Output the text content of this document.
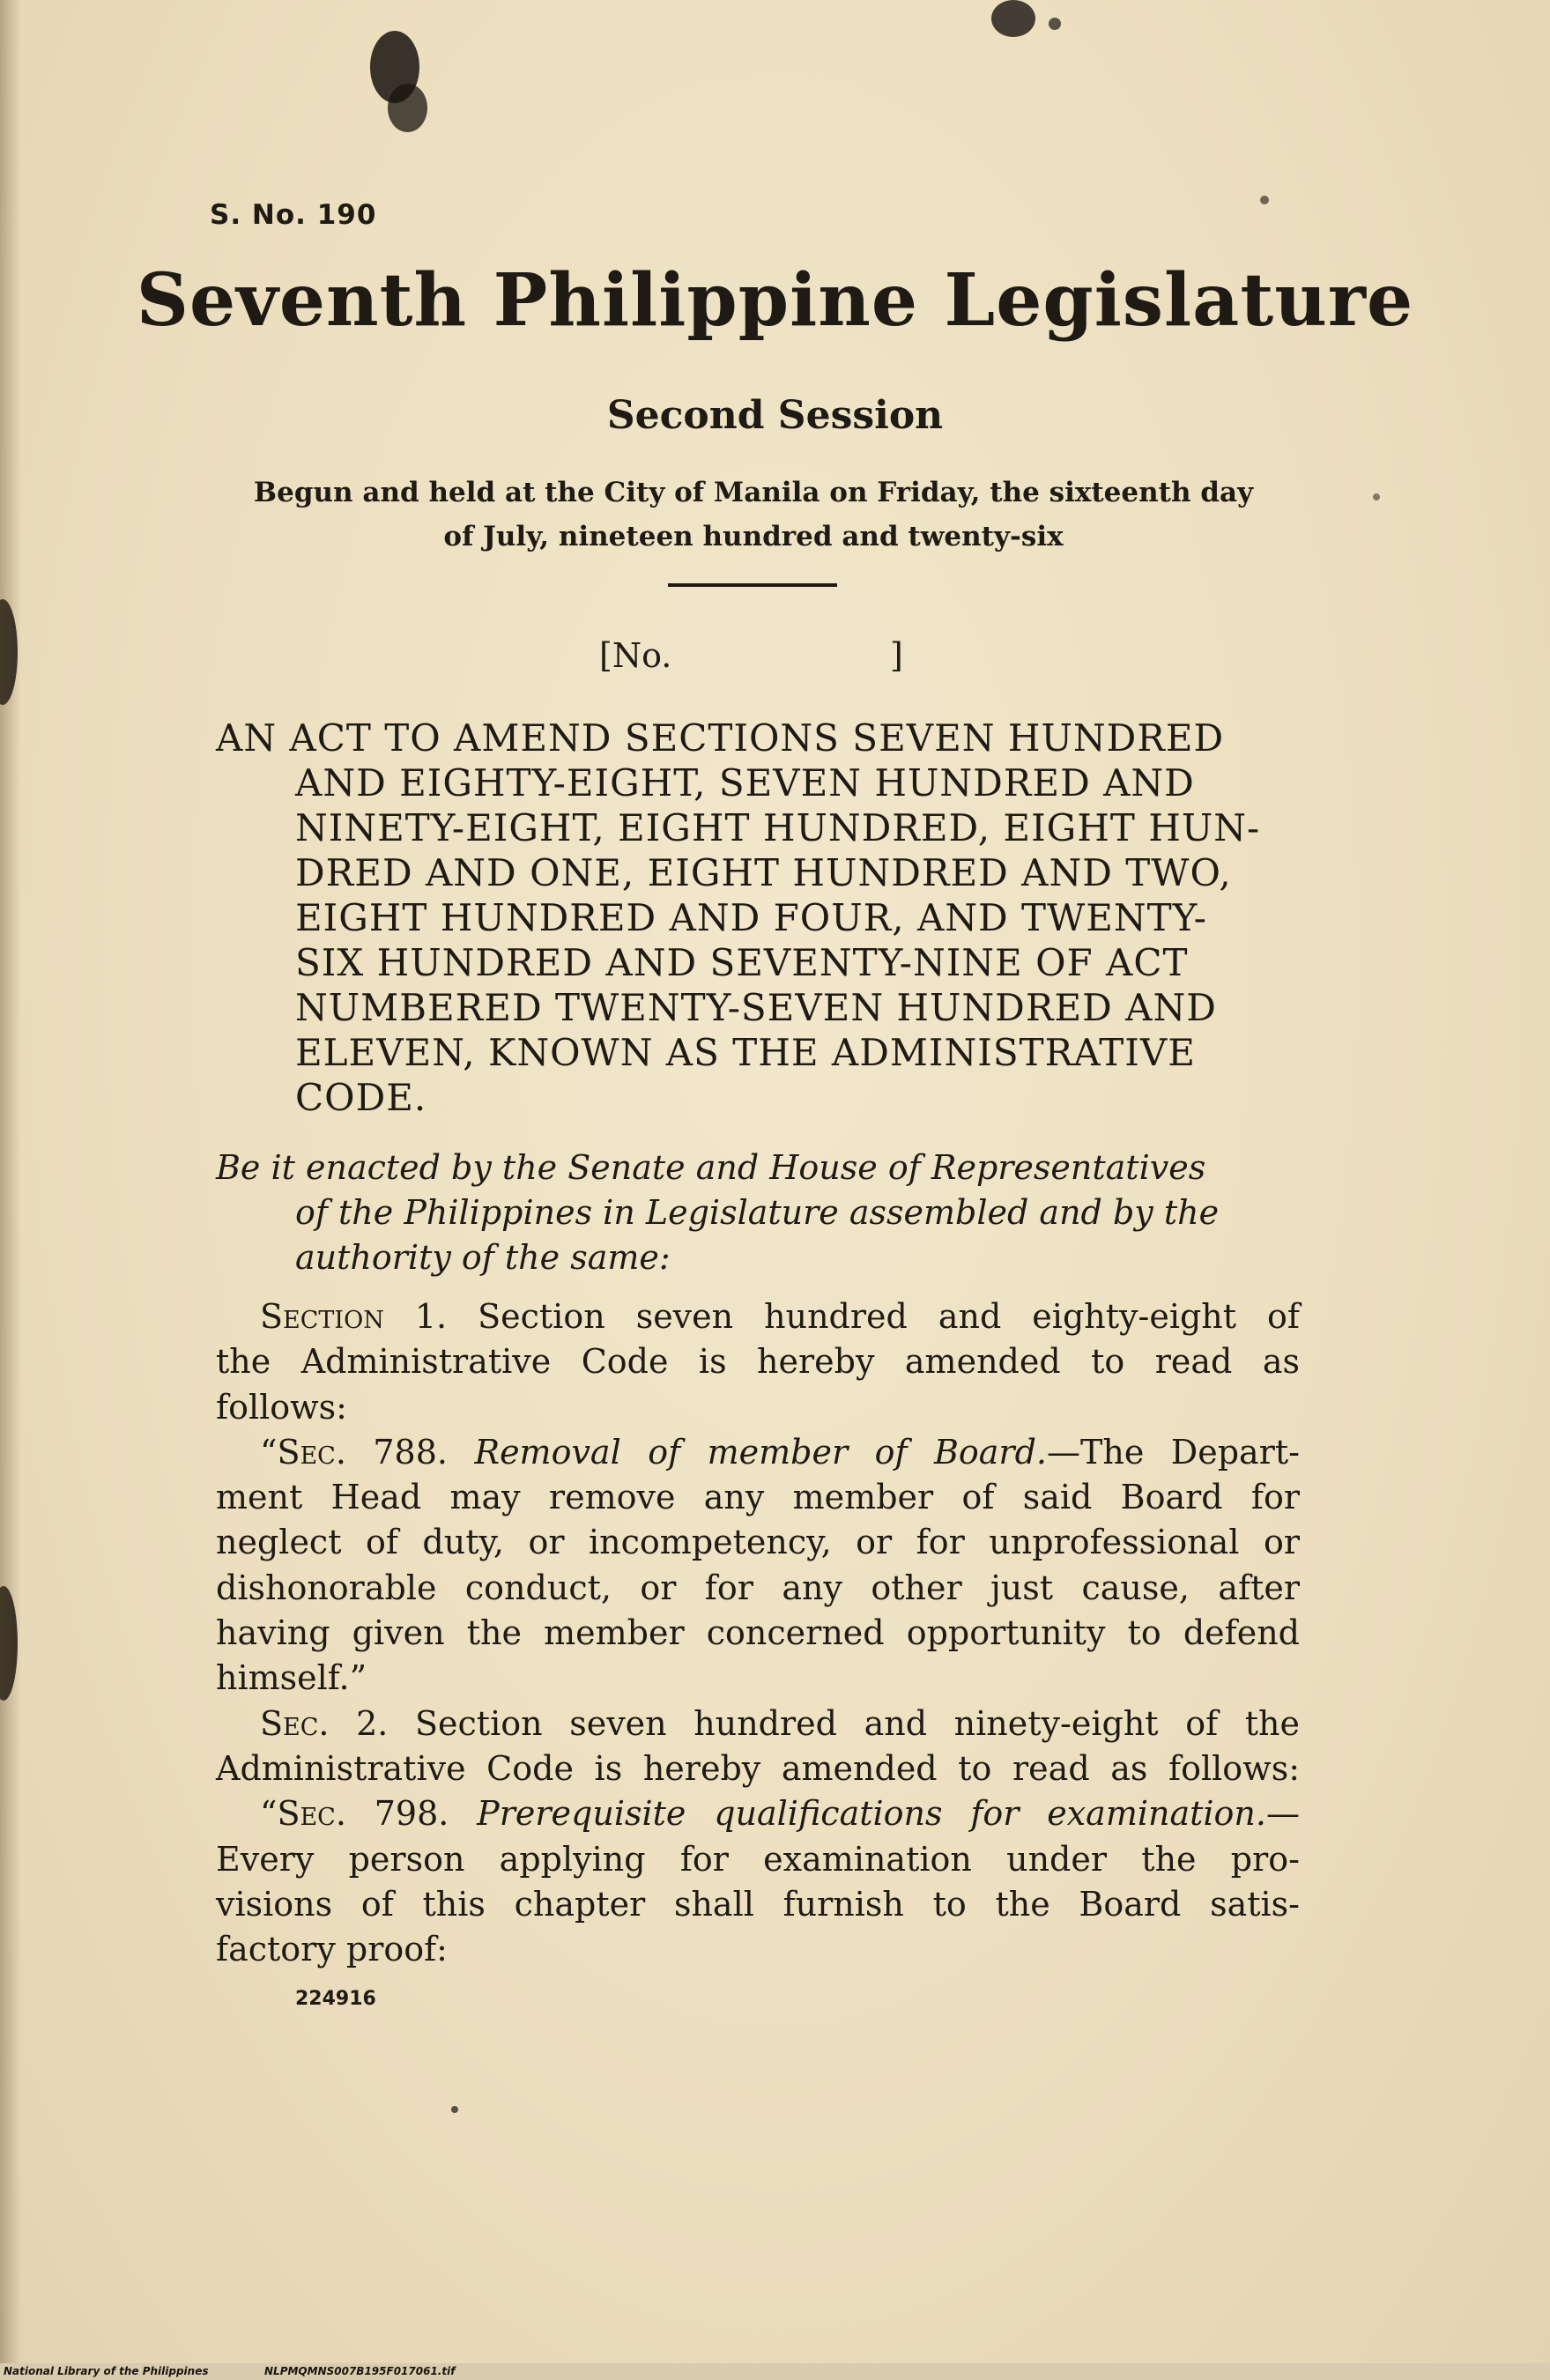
S. No. 190
Seventh Philippine Legislature
Second Session
Begun and held at the City of Manila on Friday, the sixteenth day
of July, nineteen hundred and twenty-six
[No.	]
AN ACT TO AMEND SECTIONS SEVEN HUNDRED
AND EIGHTY-EIGHT, SEVEN HUNDRED AND
NINETY-EIGHT, EIGHT HUNDRED, EIGHT HUN-
DRED AND ONE, EIGHT HUNDRED AND TWO,
EIGHT HUNDRED AND FOUR, AND TWENTY-
SIX HUNDRED AND SEVENTY-NINE OF ACT
NUMBERED TWENTY-SEVEN HUNDRED AND
ELEVEN, KNOWN AS THE ADMINISTRATIVE
CODE.
Be it enacted by the Senate and House of Representatives
of the Philippines in Legislature assembled and by the
authority of the same:
Section 1. Section seven hundred and eighty-eight of
the Administrative Code is hereby amended to read as
follows:
“Sec. 788. Removal of member of Board.—The Depart-
ment Head may remove any member of said Board for
neglect of duty, or incompetency, or for unprofessional or
dishonorable conduct, or for any other just cause, after
having given the member concerned opportunity to defend
himself.”
Sec. 2. Section seven hundred and ninety-eight of the
Administrative Code is hereby amended to read as follows:
“Sec. 798. Prerequisite qualifications for examination.—
Every person applying for examination under the pro-
visions of this chapter shall furnish to the Board satis-
factory proof:
224916
National Library of the Philippines	NLPMQMNS007B195F017061.tif
